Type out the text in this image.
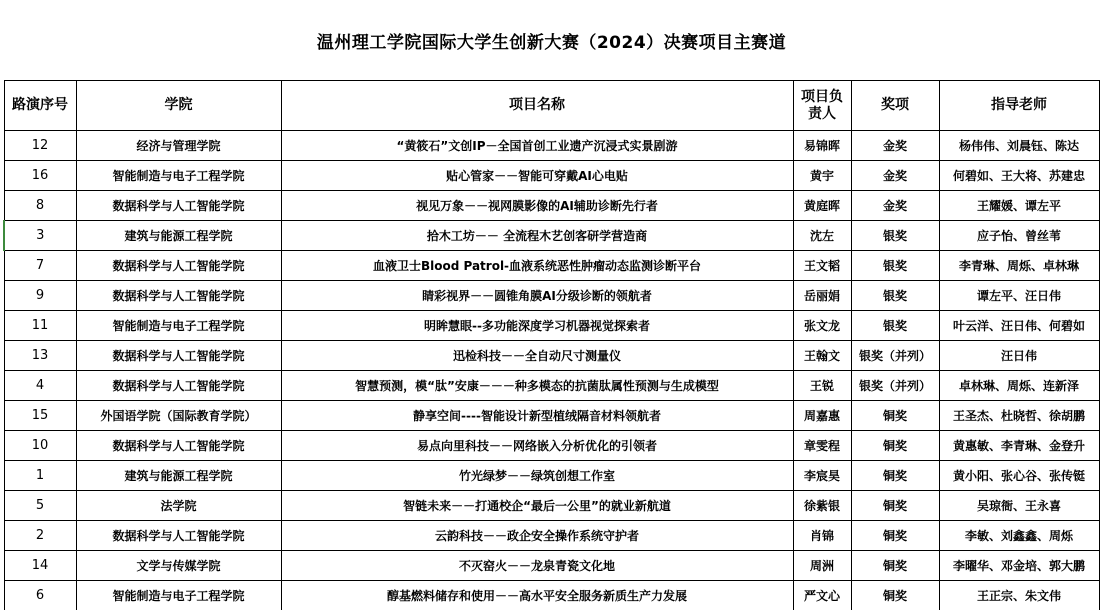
温州理工学院国际大学生创新大赛（2024）决赛项目主赛道
路演序号	学院	项目名称	项目负责人	奖项	指导老师
12	经济与管理学院	“黄筱石”文创IP－全国首创工业遗产沉浸式实景剧游	易锦晖	金奖	杨伟伟、刘晨钰、陈达
16	智能制造与电子工程学院	贴心管家－－智能可穿戴AI心电贴	黄宇	金奖	何碧如、王大将、苏建忠
8	数据科学与人工智能学院	视见万象－－视网膜影像的AI辅助诊断先行者	黄庭晖	金奖	王耀媛、谭左平
3	建筑与能源工程学院	拾木工坊－－ 全流程木艺创客研学营造商	沈左	银奖	应子怡、曾丝苇
7	数据科学与人工智能学院	血液卫士Blood Patrol-血液系统恶性肿瘤动态监测诊断平台	王文韬	银奖	李青琳、周烁、卓林琳
9	数据科学与人工智能学院	睛彩视界－－圆锥角膜AI分级诊断的领航者	岳丽娟	银奖	谭左平、汪日伟
11	智能制造与电子工程学院	明眸慧眼--多功能深度学习机器视觉探索者	张文龙	银奖	叶云洋、汪日伟、何碧如
13	数据科学与人工智能学院	迅检科技－－全自动尺寸测量仪	王翰文	银奖（并列）	汪日伟
4	数据科学与人工智能学院	智慧预测，模“肽”安康－－－种多模态的抗菌肽属性预测与生成模型	王锐	银奖（并列）	卓林琳、周烁、连新泽
15	外国语学院（国际教育学院）	静享空间----智能设计新型植绒隔音材料领航者	周嘉惠	铜奖	王圣杰、杜晓哲、徐胡鹏
10	数据科学与人工智能学院	易点向里科技－－网络嵌入分析优化的引领者	章雯程	铜奖	黄惠敏、李青琳、金登升
1	建筑与能源工程学院	竹光绿梦－－绿筑创想工作室	李宸昊	铜奖	黄小阳、张心谷、张传铤
5	法学院	智链未来－－打通校企“最后一公里”的就业新航道	徐紫银	铜奖	吴琼衙、王永喜
2	数据科学与人工智能学院	云韵科技－－政企安全操作系统守护者	肖锦	铜奖	李敏、刘鑫鑫、周烁
14	文学与传媒学院	不灭窑火－－龙泉青瓷文化地	周洲	铜奖	李曜华、邓金培、郭大鹏
6	智能制造与电子工程学院	醇基燃料储存和使用－－高水平安全服务新质生产力发展	严文心	铜奖	王正宗、朱文伟
